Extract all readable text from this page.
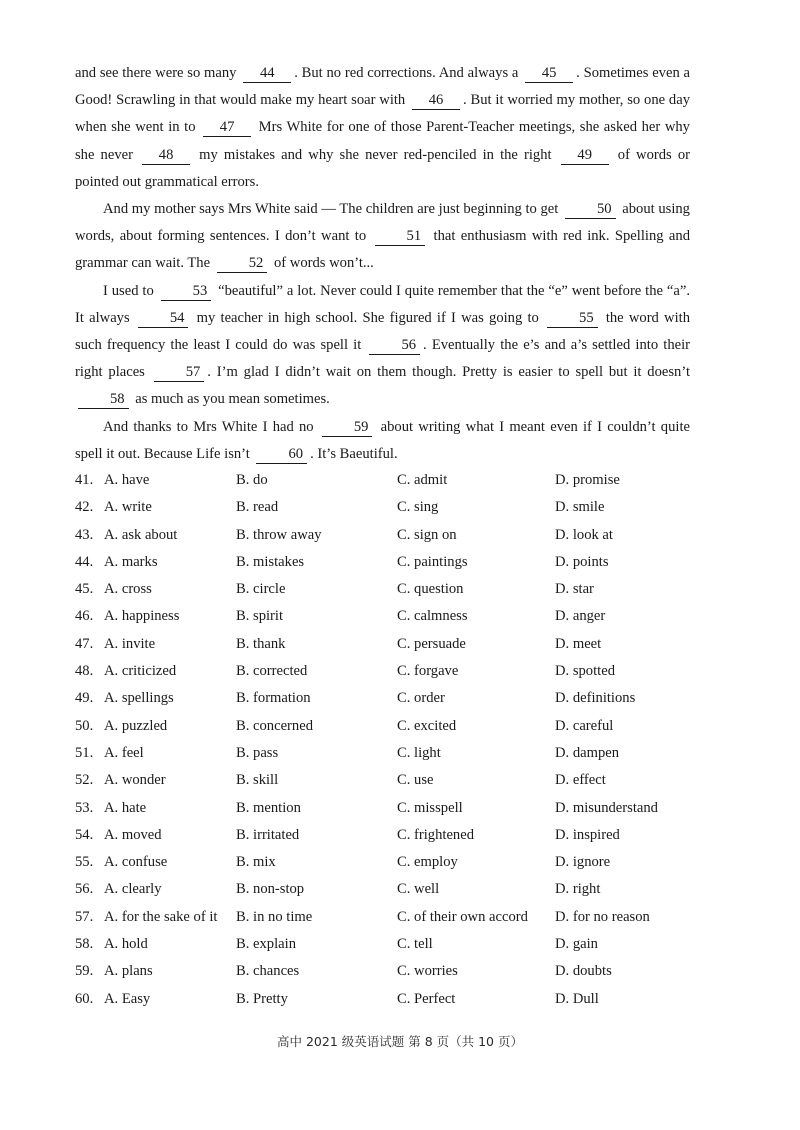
and see there were so many 44 . But no red corrections. And always a 45 . Sometimes even a Good! Scrawling in that would make my heart soar with 46 . But it worried my mother, so one day when she went in to 47 Mrs White for one of those Parent-Teacher meetings, she asked her why she never 48 my mistakes and why she never red-penciled in the right 49 of words or pointed out grammatical errors.

And my mother says Mrs White said — The children are just beginning to get 50 about using words, about forming sentences. I don’t want to 51 that enthusiasm with red ink. Spelling and grammar can wait. The 52 of words won’t...

I used to 53 “beautiful” a lot. Never could I quite remember that the “e” went before the “a”. It always 54 my teacher in high school. She figured if I was going to 55 the word with such frequency the least I could do was spell it 56 . Eventually the e’s and a’s settled into their right places 57 . I’m glad I didn’t wait on them though. Pretty is easier to spell but it doesn’t 58 as much as you mean sometimes.

And thanks to Mrs White I had no 59 about writing what I meant even if I couldn’t quite spell it out. Because Life isn’t 60 . It’s Baeutiful.

41. A. have	B. do	C. admit	D. promise
42. A. write	B. read	C. sing	D. smile
43. A. ask about	B. throw away	C. sign on	D. look at
44. A. marks	B. mistakes	C. paintings	D. points
45. A. cross	B. circle	C. question	D. star
46. A. happiness	B. spirit	C. calmness	D. anger
47. A. invite	B. thank	C. persuade	D. meet
48. A. criticized	B. corrected	C. forgave	D. spotted
49. A. spellings	B. formation	C. order	D. definitions
50. A. puzzled	B. concerned	C. excited	D. careful
51. A. feel	B. pass	C. light	D. dampen
52. A. wonder	B. skill	C. use	D. effect
53. A. hate	B. mention	C. misspell	D. misunderstand
54. A. moved	B. irritated	C. frightened	D. inspired
55. A. confuse	B. mix	C. employ	D. ignore
56. A. clearly	B. non-stop	C. well	D. right
57. A. for the sake of it B. in no time	C. of their own accord D. for no reason
58. A. hold	B. explain	C. tell	D. gain
59. A. plans	B. chances	C. worries	D. doubts
60. A. Easy	B. Pretty	C. Perfect	D. Dull
高中 2021 级英语试题 第 8 页（共 10 页）
